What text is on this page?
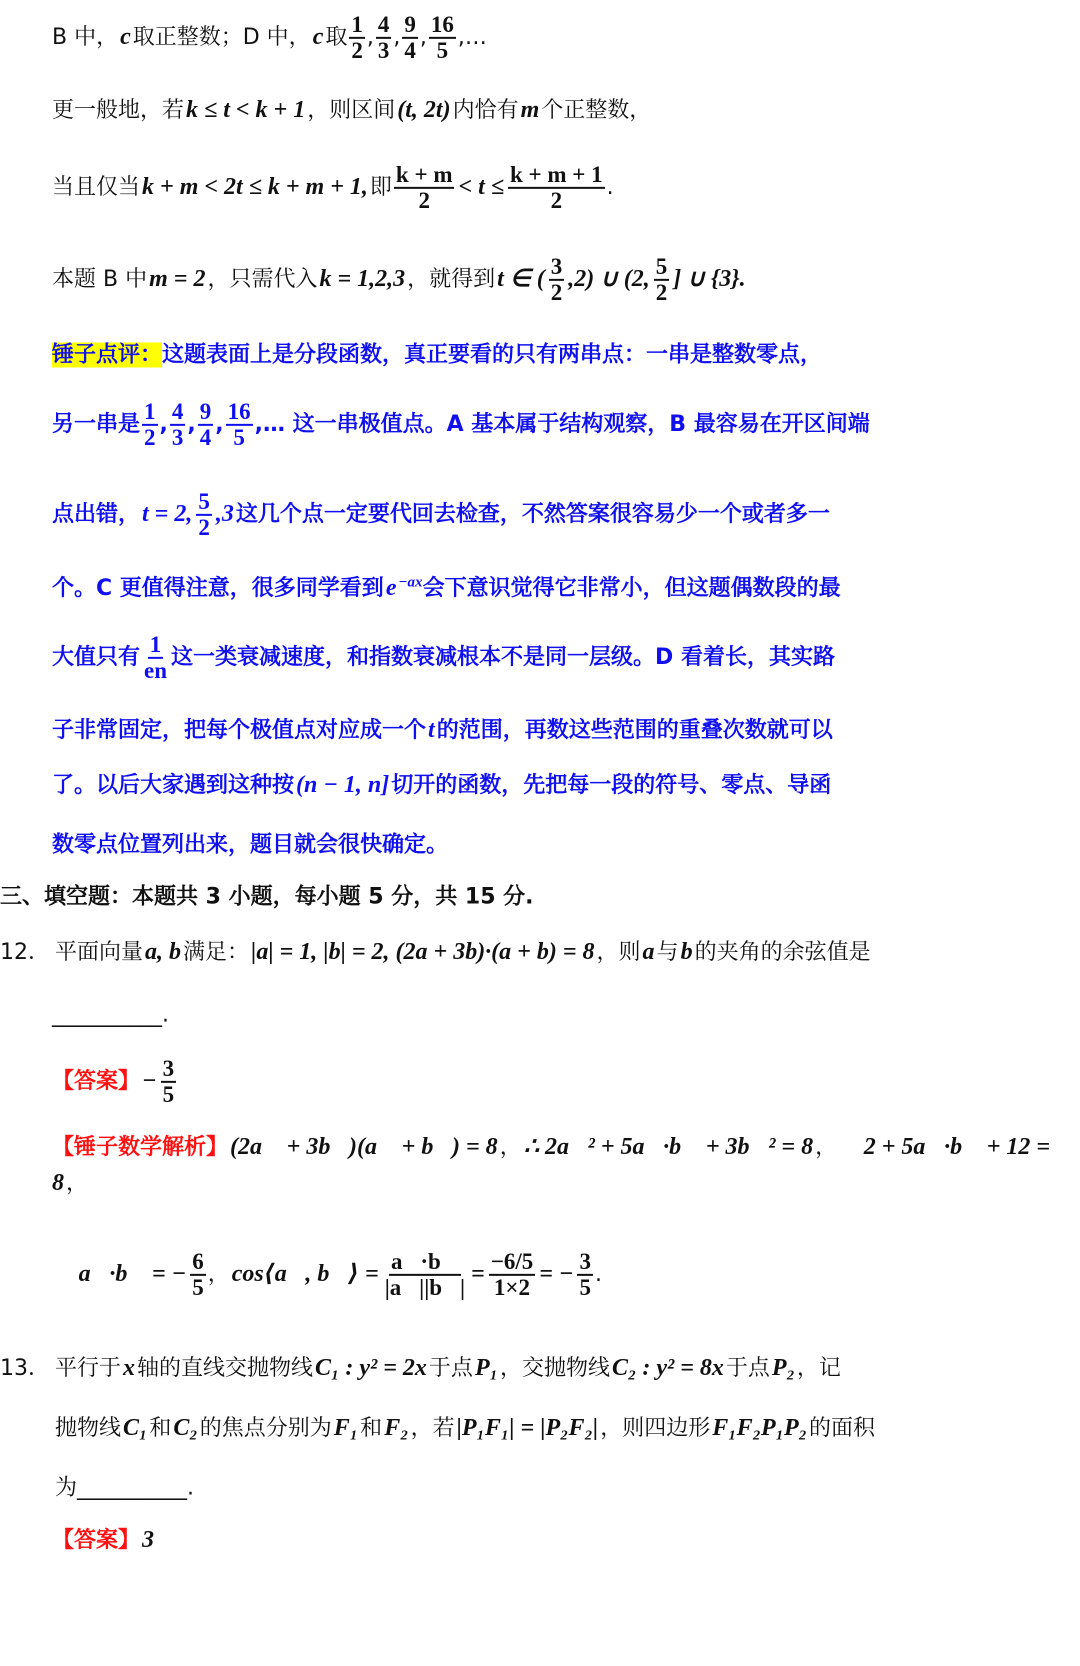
B 中，c取正整数；D 中，c取 $\frac{1}{2}$ , $\frac{4}{3}$ , $\frac{9}{4}$ , $\frac{16}{5}$ ,…
更一般地，若k ≤ t < k + 1，则区间(t, 2t)内恰有m个正整数，
当且仅当k + m < 2t ≤ k + m + 1,即 $\frac{k + m}{2} < t \le \frac{k + m + 1}{2}$ .
本题 B 中m = 2，只需代入k = 1,2,3，就得到t ∈ ( $\frac{3}{2} ,2$) ∪ (2, $\frac{5}{2}$ ] ∪ {3}.
锤子点评：这题表面上是分段函数，真正要看的只有两串点：一串是整数零点，
另一串是 $\frac{1}{2}$ , $\frac{4}{3}$ , $\frac{9}{4}$ , $\frac{16}{5}$ ,… 这一串极值点。A 基本属于结构观察，B 最容易在开区间端
点出错，t = 2, $\frac{5}{2} ,3$这几个点一定要代回去检查，不然答案很容易少一个或者多一
个。C 更值得注意，很多同学看到e $^{-ax}$会下意识觉得它非常小，但这题偶数段的最
大值只有 $\frac{1}{en}$ 这一类衰减速度，和指数衰减根本不是同一层级。D 看着长，其实路
子非常固定，把每个极值点对应成一个t的范围，再数这些范围的重叠次数就可以
了。以后大家遇到这种按(n − 1, n]切开的函数，先把每一段的符号、零点、导函
数零点位置列出来，题目就会很快确定。
三、填空题：本题共 3 小题，每小题 5 分，共 15 分.
12． 平面向量a, b满足：|a| = 1, |b| = 2, (2a + 3b)·(a + b) = 8，则a与b的夹角的余弦值是
__________.
【答案】− $\frac{3}{5}$
【锤子数学解析】(2a⃗ + 3b⃗)(a⃗ + b⃗) = 8，∴ 2a⃗² + 5a⃗·b⃗ + 3b⃗² = 8，∴ 2 + 5a⃗·b⃗ + 12 = 8，
∴ a⃗·b⃗ = − $\frac{6}{5}$ ，cos⟨a⃗, b⃗⟩ = $\frac{a⃗\cdot b⃗}{|a⃗||b⃗|} = \frac{-6/5}{1\times 2}$ = − $\frac{3}{5}$ .
13． 平行于x轴的直线交抛物线C₁ : y² = 2x于点P₁，交抛物线C₂ : y² = 8x于点P₂，记
抛物线C₁和C₂的焦点分别为F₁和F₂，若|P₁F₁| = |P₂F₂|，则四边形F₁F₂P₁P₂的面积
为__________.
【答案】3
